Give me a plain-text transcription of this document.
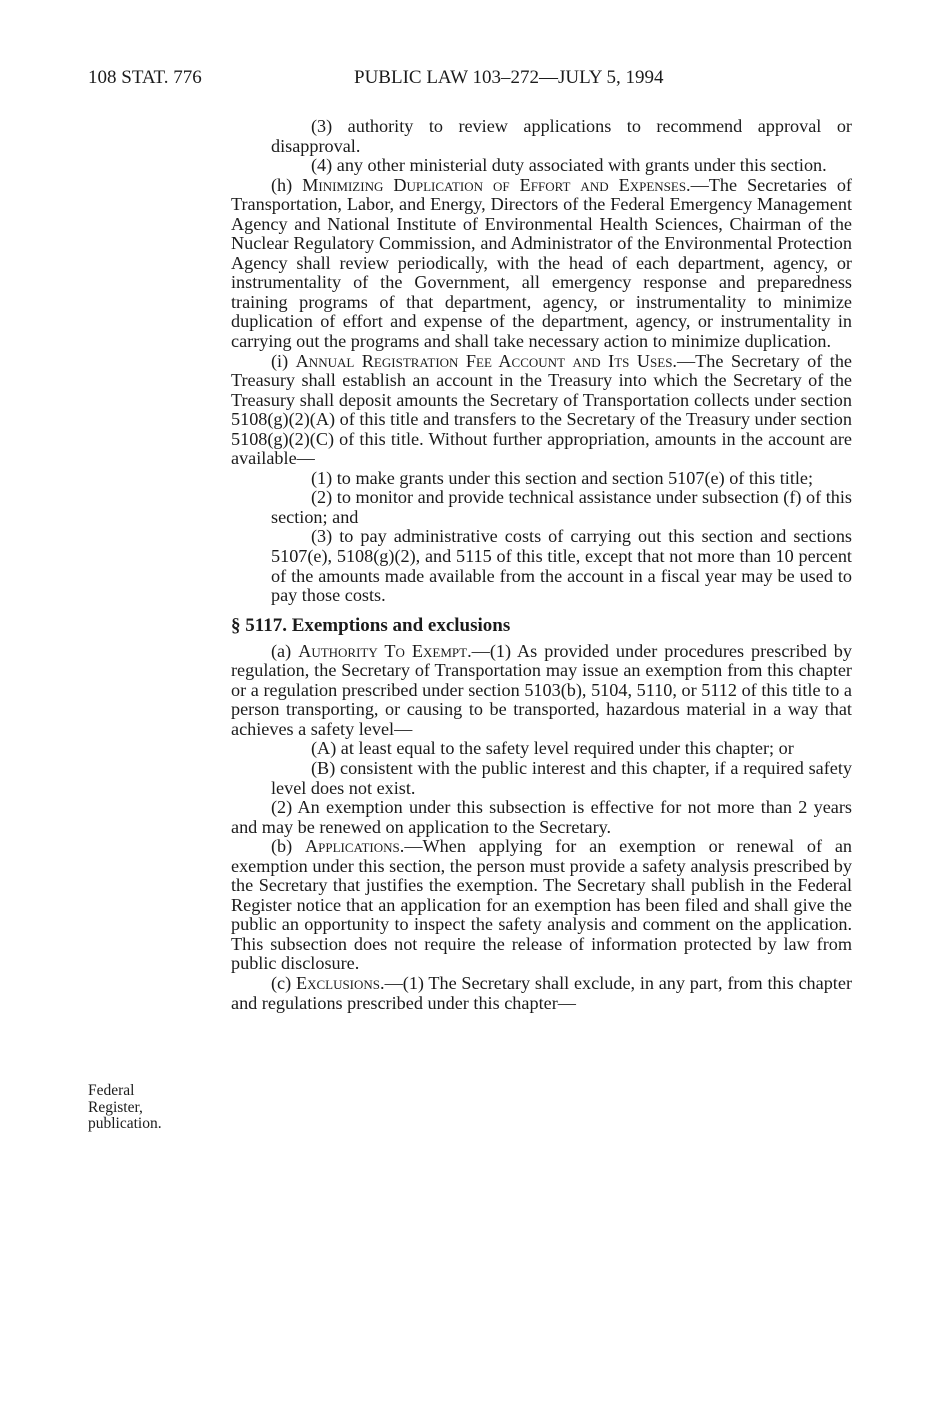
108 STAT. 776	PUBLIC LAW 103–272—JULY 5, 1994
Federal
Register,
publication.

(3) authority to review applications to recommend approval or disapproval.

(4) any other ministerial duty associated with grants under this section.

(h) Minimizing Duplication of Effort and Expenses.—The Secretaries of Transportation, Labor, and Energy, Directors of the Federal Emergency Management Agency and National Institute of Environmental Health Sciences, Chairman of the Nuclear Regulatory Commission, and Administrator of the Environmental Protection Agency shall review periodically, with the head of each department, agency, or instrumentality of the Government, all emergency response and preparedness training programs of that department, agency, or instrumentality to minimize duplication of effort and expense of the department, agency, or instrumentality in carrying out the programs and shall take necessary action to minimize duplication.

(i) Annual Registration Fee Account and Its Uses.—The Secretary of the Treasury shall establish an account in the Treasury into which the Secretary of the Treasury shall deposit amounts the Secretary of Transportation collects under section 5108(g)(2)(A) of this title and transfers to the Secretary of the Treasury under section 5108(g)(2)(C) of this title. Without further appropriation, amounts in the account are available—

(1) to make grants under this section and section 5107(e) of this title;

(2) to monitor and provide technical assistance under subsection (f) of this section; and

(3) to pay administrative costs of carrying out this section and sections 5107(e), 5108(g)(2), and 5115 of this title, except that not more than 10 percent of the amounts made available from the account in a fiscal year may be used to pay those costs.

§ 5117. Exemptions and exclusions

(a) Authority To Exempt.—(1) As provided under procedures prescribed by regulation, the Secretary of Transportation may issue an exemption from this chapter or a regulation prescribed under section 5103(b), 5104, 5110, or 5112 of this title to a person transporting, or causing to be transported, hazardous material in a way that achieves a safety level—

(A) at least equal to the safety level required under this chapter; or

(B) consistent with the public interest and this chapter, if a required safety level does not exist.

(2) An exemption under this subsection is effective for not more than 2 years and may be renewed on application to the Secretary.

(b) Applications.—When applying for an exemption or renewal of an exemption under this section, the person must provide a safety analysis prescribed by the Secretary that justifies the exemption. The Secretary shall publish in the Federal Register notice that an application for an exemption has been filed and shall give the public an opportunity to inspect the safety analysis and comment on the application. This subsection does not require the release of information protected by law from public disclosure.

(c) Exclusions.—(1) The Secretary shall exclude, in any part, from this chapter and regulations prescribed under this chapter—
